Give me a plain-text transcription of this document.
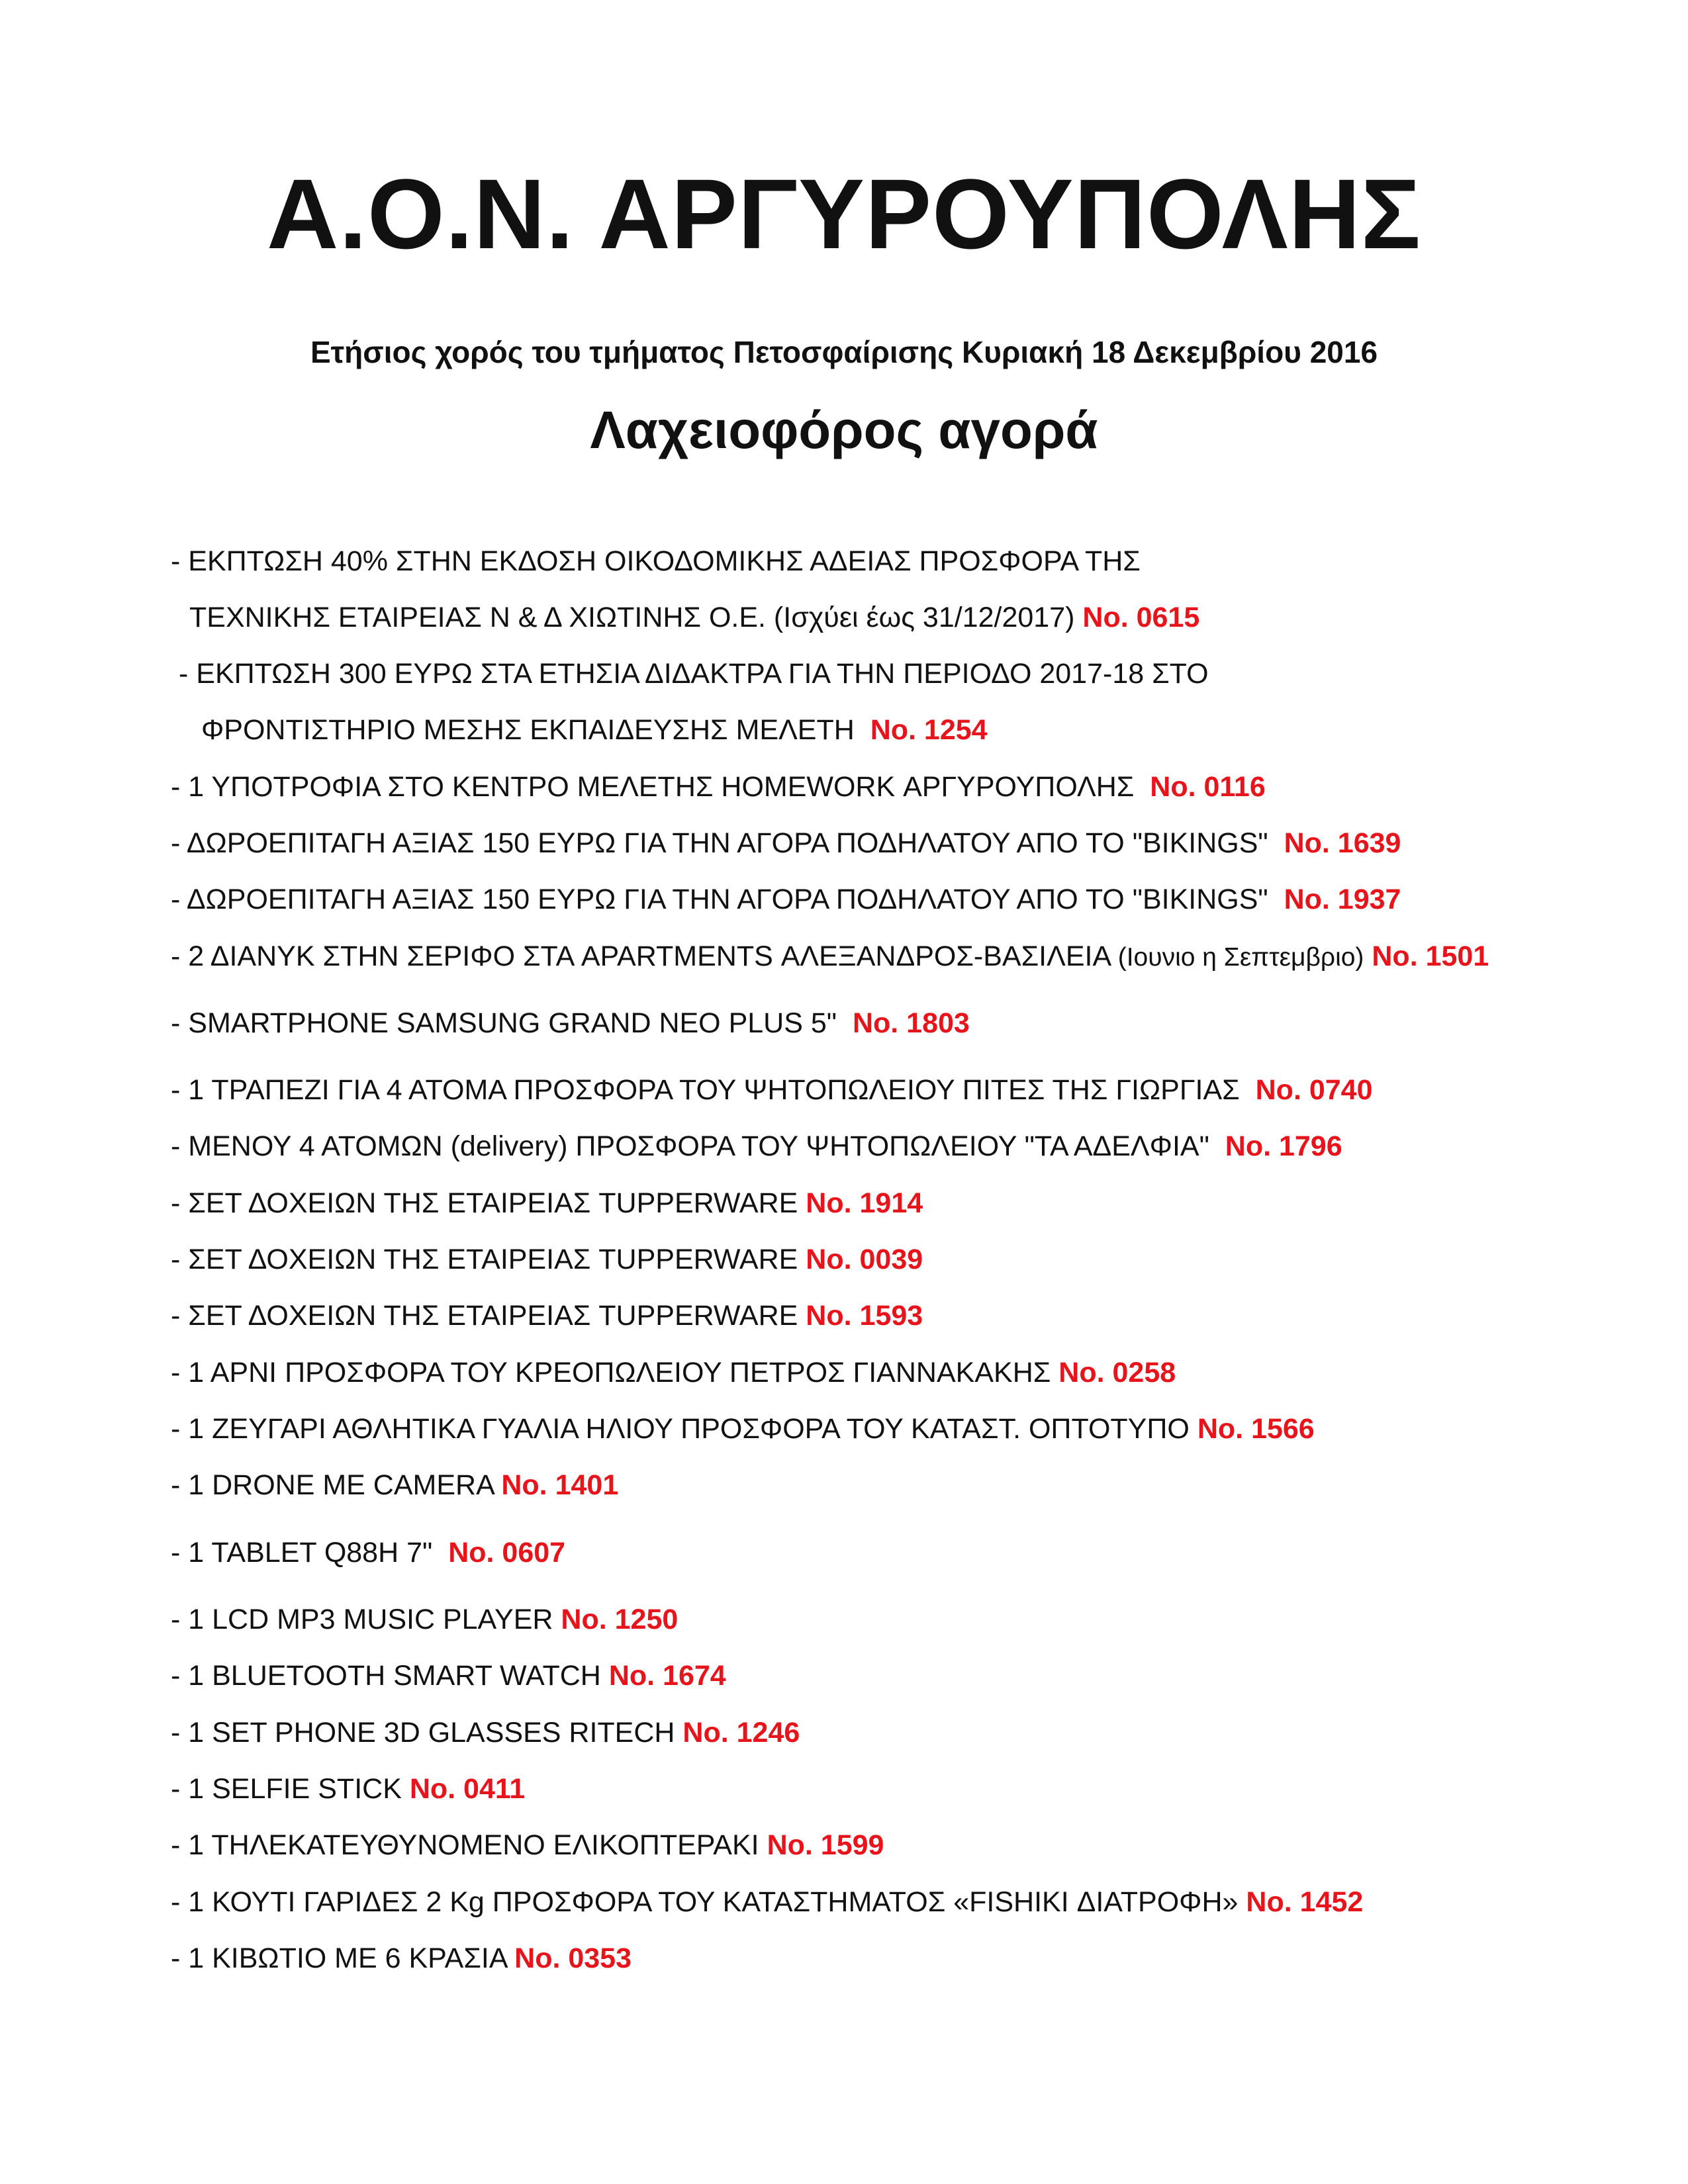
Α.Ο.Ν. ΑΡΓΥΡΟΥΠΟΛΗΣ
Ετήσιος χορός του τμήματος Πετοσφαίρισης Κυριακή 18 Δεκεμβρίου 2016
Λαχειοφόρος αγορά
- ΕΚΠΤΩΣΗ 40% ΣΤΗΝ ΕΚΔΟΣΗ ΟΙΚΟΔΟΜΙΚΗΣ ΑΔΕΙΑΣ ΠΡΟΣΦΟΡΑ ΤΗΣ
ΤΕΧΝΙΚΗΣ ΕΤΑΙΡΕΙΑΣ Ν & Δ ΧΙΩΤΙΝΗΣ Ο.Ε. (Ισχύει έως 31/12/2017) No. 0615
- ΕΚΠΤΩΣΗ 300 ΕΥΡΩ ΣΤΑ ΕΤΗΣΙΑ ΔΙΔΑΚΤΡΑ ΓΙΑ ΤΗΝ ΠΕΡΙΟΔΟ 2017-18 ΣΤΟ
ΦΡΟΝΤΙΣΤΗΡΙΟ ΜΕΣΗΣ ΕΚΠΑΙΔΕΥΣΗΣ ΜΕΛΕΤΗ No. 1254
- 1 ΥΠΟΤΡΟΦΙΑ ΣΤΟ ΚΕΝΤΡΟ ΜΕΛΕΤΗΣ HOMEWORK ΑΡΓΥΡΟΥΠΟΛΗΣ No. 0116
- ΔΩΡΟΕΠΙΤΑΓΗ ΑΞΙΑΣ 150 ΕΥΡΩ ΓΙΑ ΤΗΝ ΑΓΟΡΑ ΠΟΔΗΛΑΤΟΥ ΑΠΟ ΤΟ "BIKINGS" No. 1639
- ΔΩΡΟΕΠΙΤΑΓΗ ΑΞΙΑΣ 150 ΕΥΡΩ ΓΙΑ ΤΗΝ ΑΓΟΡΑ ΠΟΔΗΛΑΤΟΥ ΑΠΟ ΤΟ "BIKINGS" No. 1937
- 2 ΔΙΑΝΥΚ ΣΤΗΝ ΣΕΡΙΦΟ ΣΤΑ APARTMENTS ΑΛΕΞΑΝΔΡΟΣ-ΒΑΣΙΛΕΙΑ (Ιουνιο η Σεπτεμβριο) No. 1501
- SMARTPHONE SAMSUNG GRAND NEO PLUS 5" No. 1803
- 1 ΤΡΑΠΕΖΙ ΓΙΑ 4 ΑΤΟΜΑ ΠΡΟΣΦΟΡΑ ΤΟΥ ΨΗΤΟΠΩΛΕΙΟΥ ΠΙΤΕΣ ΤΗΣ ΓΙΩΡΓΙΑΣ No. 0740
- ΜΕΝΟΥ 4 ΑΤΟΜΩΝ (delivery) ΠΡΟΣΦΟΡΑ ΤΟΥ ΨΗΤΟΠΩΛΕΙΟΥ "ΤΑ ΑΔΕΛΦΙΑ" No. 1796
- ΣΕΤ ΔΟΧΕΙΩΝ ΤΗΣ ΕΤΑΙΡΕΙΑΣ TUPPERWARE No. 1914
- ΣΕΤ ΔΟΧΕΙΩΝ ΤΗΣ ΕΤΑΙΡΕΙΑΣ TUPPERWARE No. 0039
- ΣΕΤ ΔΟΧΕΙΩΝ ΤΗΣ ΕΤΑΙΡΕΙΑΣ TUPPERWARE No. 1593
- 1 ΑΡΝΙ ΠΡΟΣΦΟΡΑ ΤΟΥ ΚΡΕΟΠΩΛΕΙΟΥ ΠΕΤΡΟΣ ΓΙΑΝΝΑΚΑΚΗΣ No. 0258
- 1 ΖΕΥΓΑΡΙ ΑΘΛΗΤΙΚΑ ΓΥΑΛΙΑ ΗΛΙΟΥ ΠΡΟΣΦΟΡΑ ΤΟΥ ΚΑΤΑΣΤ. ΟΠΤΟΤΥΠΟ No. 1566
- 1 DRONE ΜΕ CAMERA No. 1401
- 1 TABLET Q88H 7" No. 0607
- 1 LCD MP3 MUSIC PLAYER No. 1250
- 1 BLUETOOTH SMART WATCH No. 1674
- 1 SET PHONE 3D GLASSES RITECH No. 1246
- 1 SELFIE STICK No. 0411
- 1 ΤΗΛΕΚΑΤΕΥΘΥΝΟΜΕΝΟ ΕΛΙΚΟΠΤΕΡΑΚΙ No. 1599
- 1 ΚΟΥΤΙ ΓΑΡΙΔΕΣ 2 Kg ΠΡΟΣΦΟΡΑ ΤΟΥ ΚΑΤΑΣΤΗΜΑΤΟΣ «FISHIKI ΔΙΑΤΡΟΦΗ» No. 1452
- 1 ΚΙΒΩΤΙΟ ΜΕ 6 ΚΡΑΣΙΑ No. 0353
